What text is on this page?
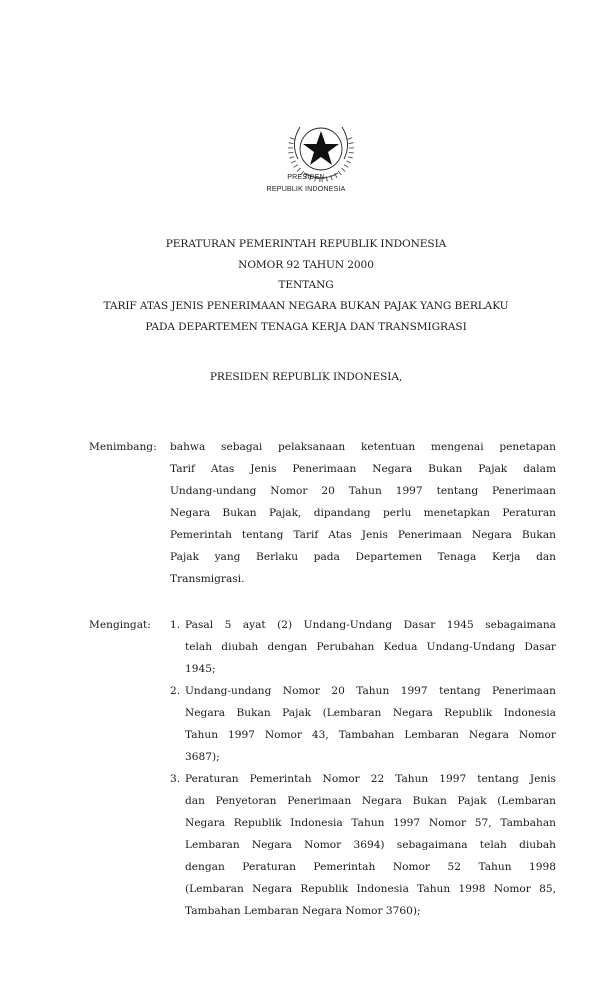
PRESIDEN
REPUBLIK INDONESIA
PERATURAN PEMERINTAH REPUBLIK INDONESIA
NOMOR 92 TAHUN 2000
TENTANG
TARIF ATAS JENIS PENERIMAAN NEGARA BUKAN PAJAK YANG BERLAKU
PADA DEPARTEMEN TENAGA KERJA DAN TRANSMIGRASI
PRESIDEN REPUBLIK INDONESIA,
Menimbang: bahwa sebagai pelaksanaan ketentuan mengenai penetapan
Tarif Atas Jenis Penerimaan Negara Bukan Pajak dalam
Undang-undang Nomor 20 Tahun 1997 tentang Penerimaan
Negara Bukan Pajak, dipandang perlu menetapkan Peraturan
Pemerintah tentang Tarif Atas Jenis Penerimaan Negara Bukan
Pajak yang Berlaku pada Departemen Tenaga Kerja dan
Transmigrasi.
Mengingat: 1. Pasal 5 ayat (2) Undang-Undang Dasar 1945 sebagaimana
telah diubah dengan Perubahan Kedua Undang-Undang Dasar
1945;
2. Undang-undang Nomor 20 Tahun 1997 tentang Penerimaan
Negara Bukan Pajak (Lembaran Negara Republik Indonesia
Tahun 1997 Nomor 43, Tambahan Lembaran Negara Nomor
3687);
3. Peraturan Pemerintah Nomor 22 Tahun 1997 tentang Jenis
dan Penyetoran Penerimaan Negara Bukan Pajak (Lembaran
Negara Republik Indonesia Tahun 1997 Nomor 57, Tambahan
Lembaran Negara Nomor 3694) sebagaimana telah diubah
dengan Peraturan Pemerintah Nomor 52 Tahun 1998
(Lembaran Negara Republik Indonesia Tahun 1998 Nomor 85,
Tambahan Lembaran Negara Nomor 3760);
